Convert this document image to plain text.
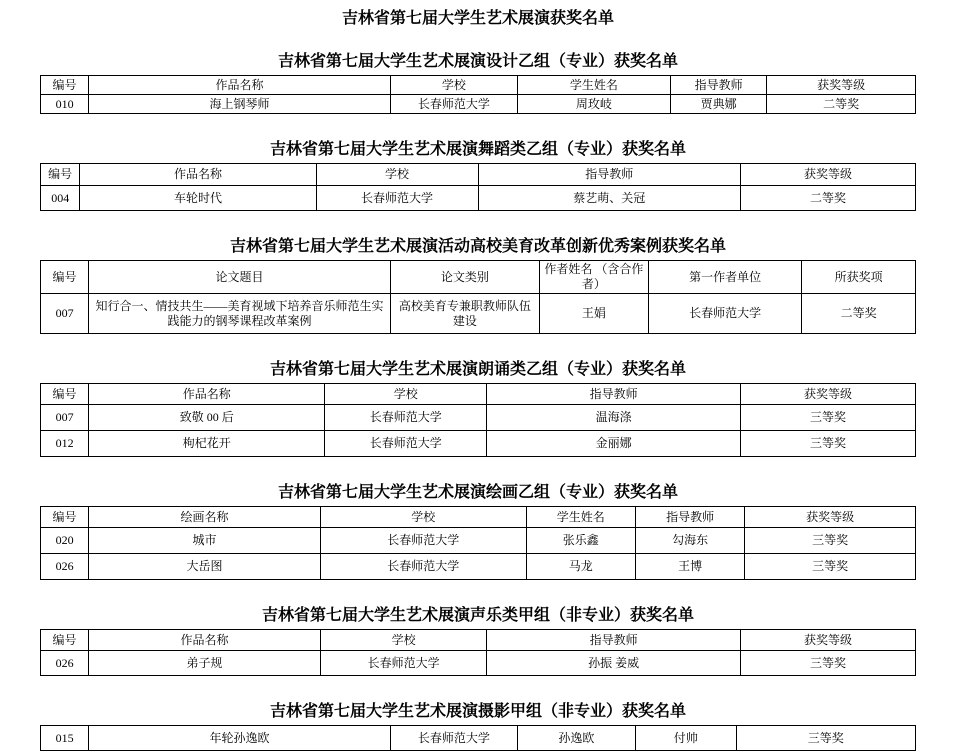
吉林省第七届大学生艺术展演获奖名单
吉林省第七届大学生艺术展演设计乙组（专业）获奖名单
编号	作品名称	学校	学生姓名	指导教师	获奖等级
010	海上钢琴师	长春师范大学	周玫岐	贾典娜	二等奖
吉林省第七届大学生艺术展演舞蹈类乙组（专业）获奖名单
编号	作品名称	学校	指导教师	获奖等级
004	车轮时代	长春师范大学	蔡艺萌、关冠	二等奖
吉林省第七届大学生艺术展演活动高校美育改革创新优秀案例获奖名单
编号	论文题目	论文类别	作者姓名 （含合作者）	第一作者单位	所获奖项
007	知行合一、情技共生——美育视域下培养音乐师范生实践能力的钢琴课程改革案例	高校美育专兼职教师队伍建设	王娟	长春师范大学	二等奖
吉林省第七届大学生艺术展演朗诵类乙组（专业）获奖名单
编号	作品名称	学校	指导教师	获奖等级
007	致敬 00 后	长春师范大学	温海涤	三等奖
012	枸杞花开	长春师范大学	金丽娜	三等奖
吉林省第七届大学生艺术展演绘画乙组（专业）获奖名单
编号	绘画名称	学校	学生姓名	指导教师	获奖等级
020	城市	长春师范大学	张乐鑫	勾海东	三等奖
026	大岳图	长春师范大学	马龙	王博	三等奖
吉林省第七届大学生艺术展演声乐类甲组（非专业）获奖名单
编号	作品名称	学校	指导教师	获奖等级
026	弟子规	长春师范大学	孙振 姜威	三等奖
吉林省第七届大学生艺术展演摄影甲组（非专业）获奖名单
015	年轮孙逸欧	长春师范大学	孙逸欧	付帅	三等奖
